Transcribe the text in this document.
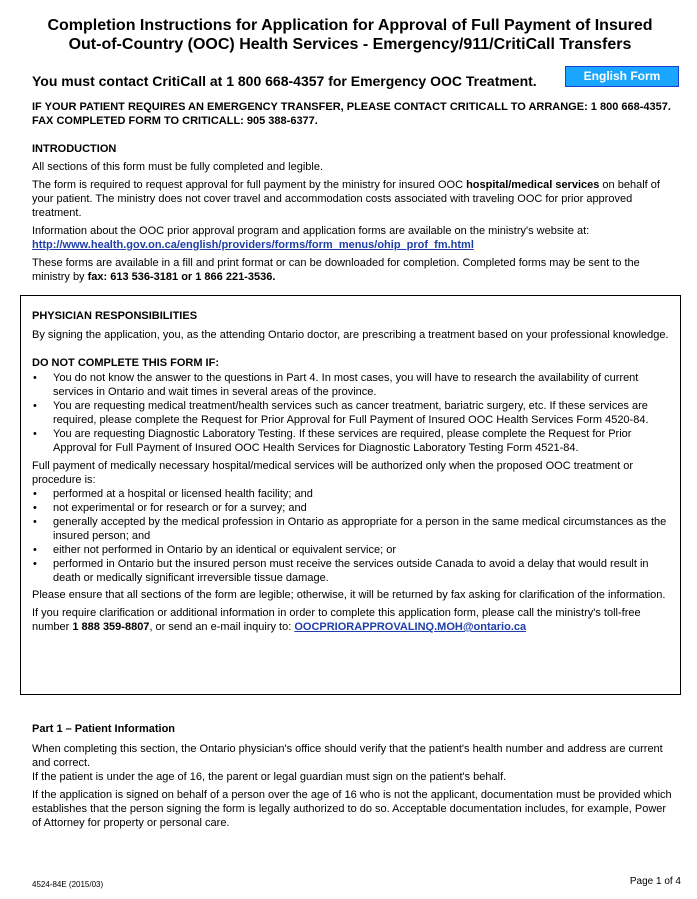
Completion Instructions for Application for Approval of Full Payment of Insured
Out-of-Country (OOC) Health Services - Emergency/911/CritiCall Transfers
You must contact CritiCall at 1 800 668-4357 for Emergency OOC Treatment.	English Form

IF YOUR PATIENT REQUIRES AN EMERGENCY TRANSFER, PLEASE CONTACT CRITICALL TO ARRANGE: 1 800 668-4357.

FAX COMPLETED FORM TO CRITICALL: 905 388-6377.

INTRODUCTION

All sections of this form must be fully completed and legible.

The form is required to request approval for full payment by the ministry for insured OOC hospital/medical services on behalf of your patient. The ministry does not cover travel and accommodation costs associated with traveling OOC for prior approved treatment.

Information about the OOC prior approval program and application forms are available on the ministry's website at:

http://www.health.gov.on.ca/english/providers/forms/form_menus/ohip_prof_fm.html

These forms are available in a fill and print format or can be downloaded for completion. Completed forms may be sent to the ministry by fax: 613 536-3181 or 1 866 221-3536.

PHYSICIAN RESPONSIBILITIES

By signing the application, you, as the attending Ontario doctor, are prescribing a treatment based on your professional knowledge.

DO NOT COMPLETE THIS FORM IF:

• You do not know the answer to the questions in Part 4. In most cases, you will have to research the availability of current services in Ontario and wait times in several areas of the province.
• You are requesting medical treatment/health services such as cancer treatment, bariatric surgery, etc. If these services are required, please complete the Request for Prior Approval for Full Payment of Insured OOC Health Services Form 4520-84.
• You are requesting Diagnostic Laboratory Testing. If these services are required, please complete the Request for Prior Approval for Full Payment of Insured OOC Health Services for Diagnostic Laboratory Testing Form 4521-84.

Full payment of medically necessary hospital/medical services will be authorized only when the proposed OOC treatment or procedure is:

• performed at a hospital or licensed health facility; and
• not experimental or for research or for a survey; and
• generally accepted by the medical profession in Ontario as appropriate for a person in the same medical circumstances as the insured person; and
• either not performed in Ontario by an identical or equivalent service; or
• performed in Ontario but the insured person must receive the services outside Canada to avoid a delay that would result in death or medically significant irreversible tissue damage.

Please ensure that all sections of the form are legible; otherwise, it will be returned by fax asking for clarification of the information.

If you require clarification or additional information in order to complete this application form, please call the ministry's toll-free number 1 888 359-8807, or send an e-mail inquiry to: OOCPRIORAPPROVALINQ.MOH@ontario.ca

Part 1 – Patient Information

When completing this section, the Ontario physician's office should verify that the patient's health number and address are current and correct.

If the patient is under the age of 16, the parent or legal guardian must sign on the patient's behalf.

If the application is signed on behalf of a person over the age of 16 who is not the applicant, documentation must be provided which establishes that the person signing the form is legally authorized to do so. Acceptable documentation includes, for example, Power of Attorney for property or personal care.

4524-84E (2015/03)	Page 1 of 4
